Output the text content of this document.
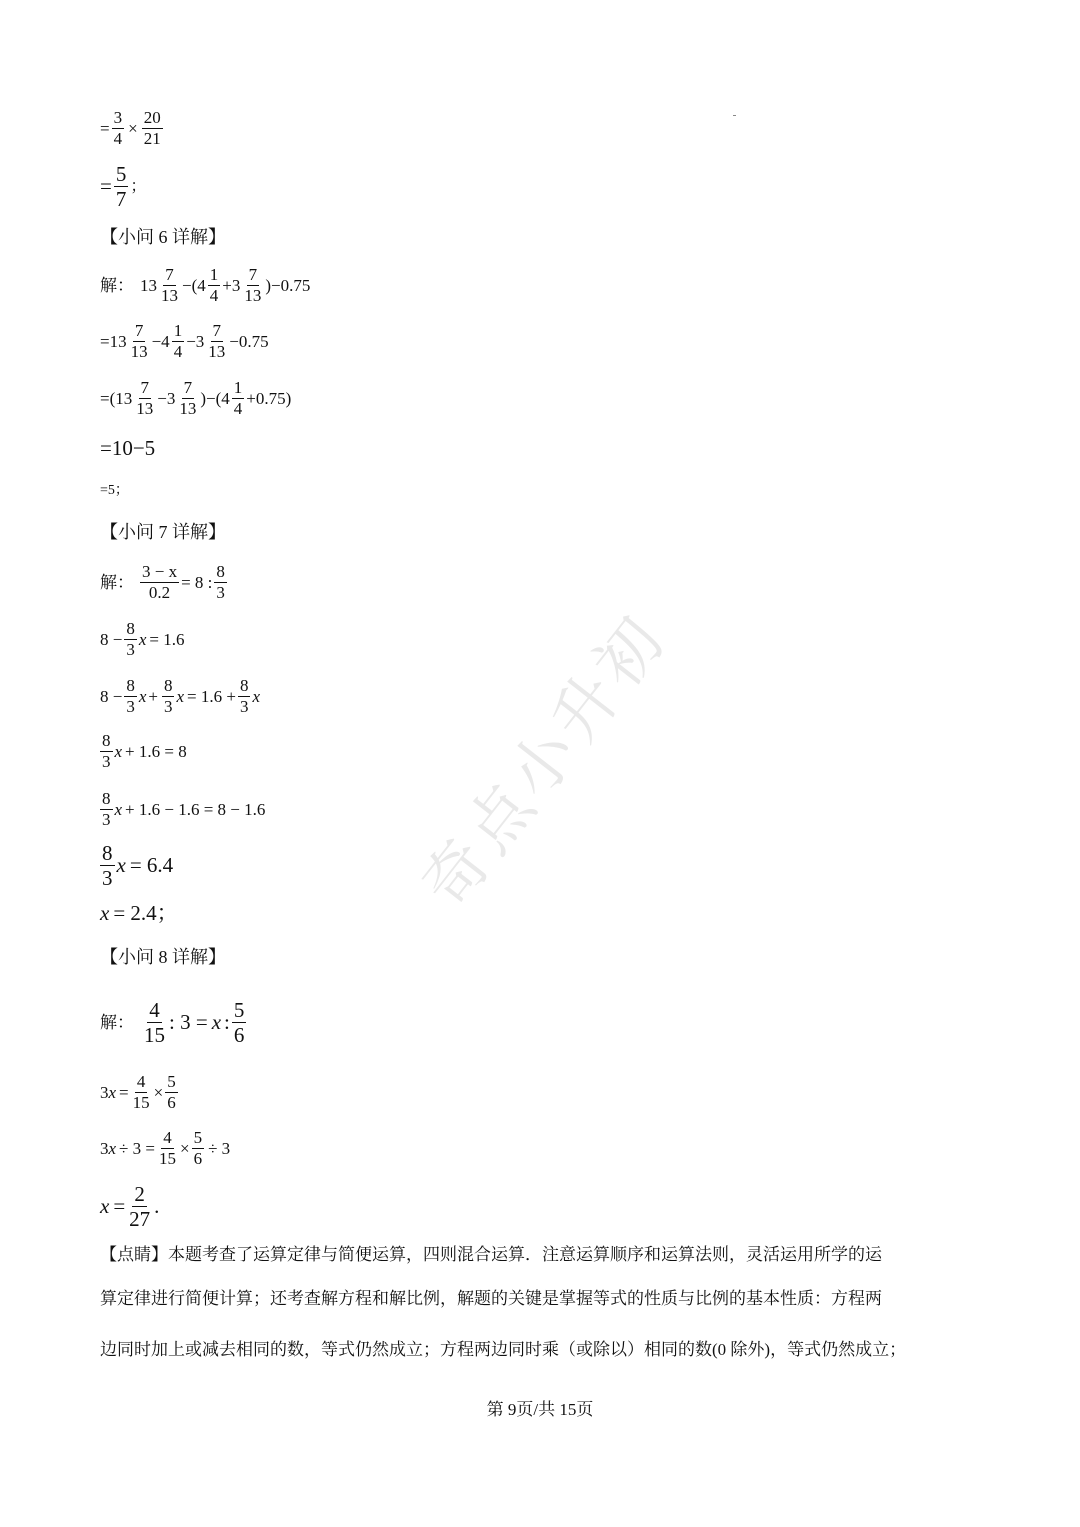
奇点小升初
= $\frac{3}{4} \times \frac{20}{21}$
= $\frac{5}{7}$ ；
【小问 6 详解】
解： $13 \frac{7}{13} -(4 \frac{1}{4} +3 \frac{7}{13} )-0.75$
$=13 \frac{7}{13} -4 \frac{1}{4} -3 \frac{7}{13} -0.75$
$=(13 \frac{7}{13} -3 \frac{7}{13} )-(4 \frac{1}{4} +0.75)$
=10−5
=5；
【小问 7 详解】
解： $\frac{3 - x}{0.2} = 8$ : $\frac{8}{3}$
$8 - \frac{8}{3}$ x = 1.6
$8 - \frac{8}{3}$ $x + \frac{8}{3}$ $x = 1.6 + \frac{8}{3}$ x
$\frac{8}{3}$ x + 1.6 = 8
$\frac{8}{3}$ x + 1.6 − 1.6 = 8 − 1.6
$\frac{8}{3}$ x = 6.4
x = 2.4；
【小问 8 详解】
解： $\frac{4}{15}$ : 3 = x : $\frac{5}{6}$
3 $x = \frac{4}{15} \times \frac{5}{6}$
3 $x \div 3 = \frac{4}{15} \times \frac{5}{6} \div 3$
$x = \frac{2}{27}$ .
【点睛】本题考查了运算定律与简便运算，四则混合运算．注意运算顺序和运算法则，灵活运用所学的运
算定律进行简便计算；还考查解方程和解比例，解题的关键是掌握等式的性质与比例的基本性质：方程两
边同时加上或减去相同的数，等式仍然成立；方程两边同时乘（或除以）相同的数(0 除外)，等式仍然成立；
第 9页/共 15页
